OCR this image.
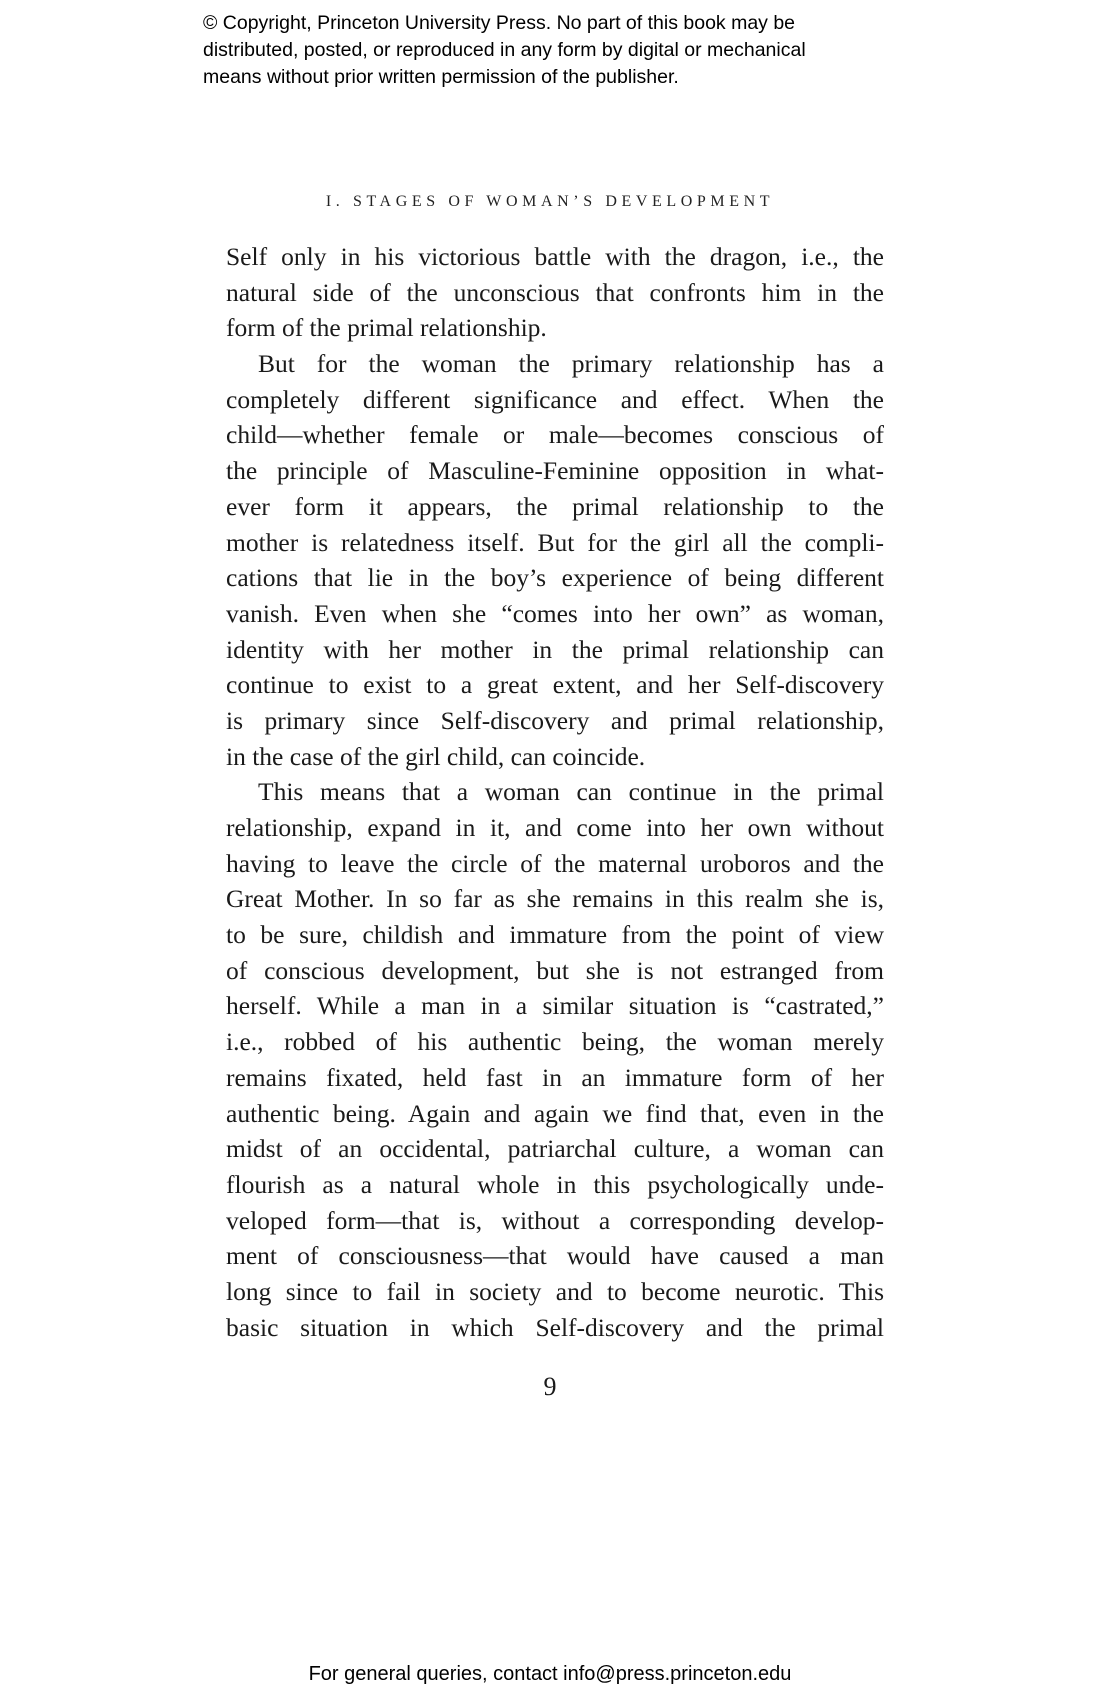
© Copyright, Princeton University Press. No part of this book may be
distributed, posted, or reproduced in any form by digital or mechanical
means without prior written permission of the publisher.
I. STAGES OF WOMAN’S DEVELOPMENT
Self only in his victorious battle with the dragon, i.e., the
natural side of the unconscious that confronts him in the
form of the primal relationship.
But for the woman the primary relationship has a
completely different significance and effect. When the
child—whether female or male—becomes conscious of
the principle of Masculine-Feminine opposition in what-
ever form it appears, the primal relationship to the
mother is relatedness itself. But for the girl all the compli-
cations that lie in the boy’s experience of being different
vanish. Even when she “comes into her own” as woman,
identity with her mother in the primal relationship can
continue to exist to a great extent, and her Self-discovery
is primary since Self-discovery and primal relationship,
in the case of the girl child, can coincide.
This means that a woman can continue in the primal
relationship, expand in it, and come into her own without
having to leave the circle of the maternal uroboros and the
Great Mother. In so far as she remains in this realm she is,
to be sure, childish and immature from the point of view
of conscious development, but she is not estranged from
herself. While a man in a similar situation is “castrated,”
i.e., robbed of his authentic being, the woman merely
remains fixated, held fast in an immature form of her
authentic being. Again and again we find that, even in the
midst of an occidental, patriarchal culture, a woman can
flourish as a natural whole in this psychologically unde-
veloped form—that is, without a corresponding develop-
ment of consciousness—that would have caused a man
long since to fail in society and to become neurotic. This
basic situation in which Self-discovery and the primal
9
For general queries, contact info@press.princeton.edu
